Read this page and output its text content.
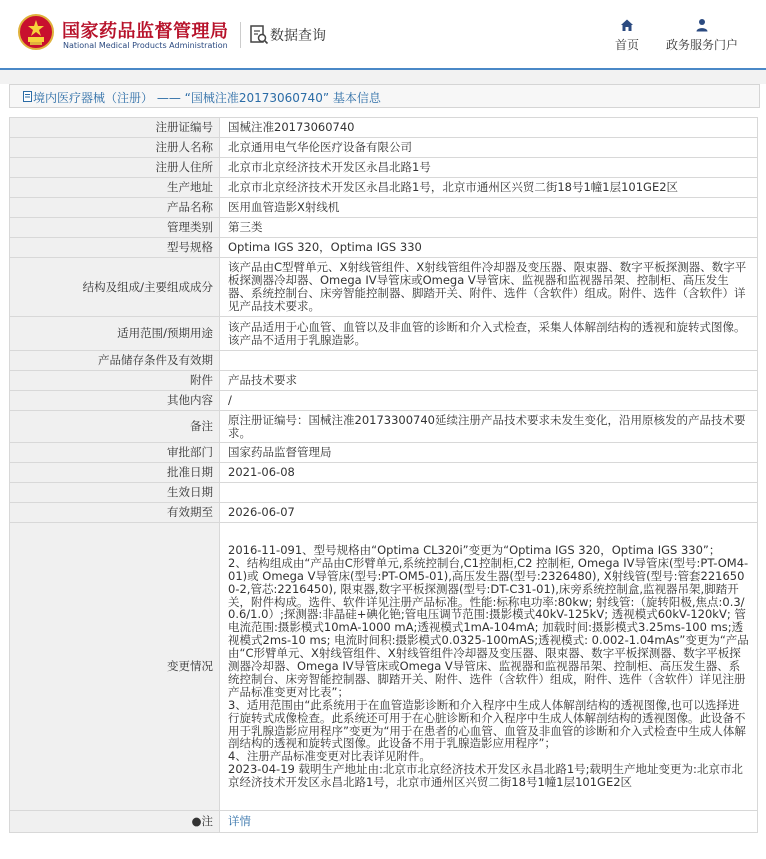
国家药品监督管理局
National Medical Products Administration
数据查询
首页 政务服务门户
境内医疗器械（注册） —— “国械注准20173060740” 基本信息
注册证编号	国械注准20173060740
注册人名称	北京通用电气华伦医疗设备有限公司
注册人住所	北京市北京经济技术开发区永昌北路1号
生产地址	北京市北京经济技术开发区永昌北路1号，北京市通州区兴贸二街18号1幢1层101GE2区
产品名称	医用血管造影X射线机
管理类别	第三类
型号规格	Optima IGS 320，Optima IGS 330
结构及组成/主要组成成分	该产品由C型臂单元、X射线管组件、X射线管组件冷却器及变压器、限束器、数字平板探测器、数字平板探测器冷却器、Omega IV导管床或Omega V导管床、监视器和监视器吊架、控制柜、高压发生器、系统控制台、床旁智能控制器、脚踏开关、附件、选件（含软件）组成。附件、选件（含软件）详见产品技术要求。
适用范围/预期用途	该产品适用于心血管、血管以及非血管的诊断和介入式检查，采集人体解剖结构的透视和旋转式图像。该产品不适用于乳腺造影。
产品储存条件及有效期	
附件	产品技术要求
其他内容	/
备注	原注册证编号：国械注准20173300740延续注册产品技术要求未发生变化，沿用原核发的产品技术要求。
审批部门	国家药品监督管理局
批准日期	2021-06-08
生效日期	
有效期至	2026-06-07
变更情况	2016-11-091、型号规格由“Optima CL320i”变更为“Optima IGS 320，Optima IGS 330”；
2、结构组成由“产品由C形臂单元,系统控制台,C1控制柜,C2 控制柜, Omega IV导管床(型号:PT-OM4-01)或 Omega V导管床(型号:PT-OM5-01),高压发生器(型号:2326480), X射线管(型号:管套2216500-2,管芯:2216450), 限束器,数字平板探测器(型号:DT-C31-01),床旁系统控制盒,监视器吊架,脚踏开关，附件构成。选件、软件详见注册产品标准。性能:标称电功率:80kw; 射线管:（旋转阳极,焦点:0.3/0.6/1.0）;探测器:非晶硅+碘化铯;管电压调节范围:摄影模式40kV-125kV; 透视模式60kV-120kV; 管电流范围:摄影模式10mA-1000 mA;透视模式1mA-104mA; 加载时间:摄影模式3.25ms-100 ms;透视模式2ms-10 ms; 电流时间积:摄影模式0.0325-100mAS;透视模式: 0.002-1.04mAs”变更为“产品由“C形臂单元、X射线管组件、X射线管组件冷却器及变压器、限束器、数字平板探测器、数字平板探测器冷却器、Omega IV导管床或Omega V导管床、监视器和监视器吊架、控制柜、高压发生器、系统控制台、床旁智能控制器、脚踏开关、附件、选件（含软件）组成，附件、选件（含软件）详见注册产品标准变更对比表”；
3、适用范围由“此系统用于在血管造影诊断和介入程序中生成人体解剖结构的透视图像,也可以选择进行旋转式成像检查。此系统还可用于在心脏诊断和介入程序中生成人体解剖结构的透视图像。此设备不用于乳腺造影应用程序”变更为“用于在患者的心血管、血管及非血管的诊断和介入式检查中生成人体解剖结构的透视和旋转式图像。此设备不用于乳腺造影应用程序”；
4、注册产品标准变更对比表详见附件。
2023-04-19 载明生产地址由:北京市北京经济技术开发区永昌北路1号;载明生产地址变更为:北京市北京经济技术开发区永昌北路1号，北京市通州区兴贸二街18号1幢1层101GE2区
●注	详情
